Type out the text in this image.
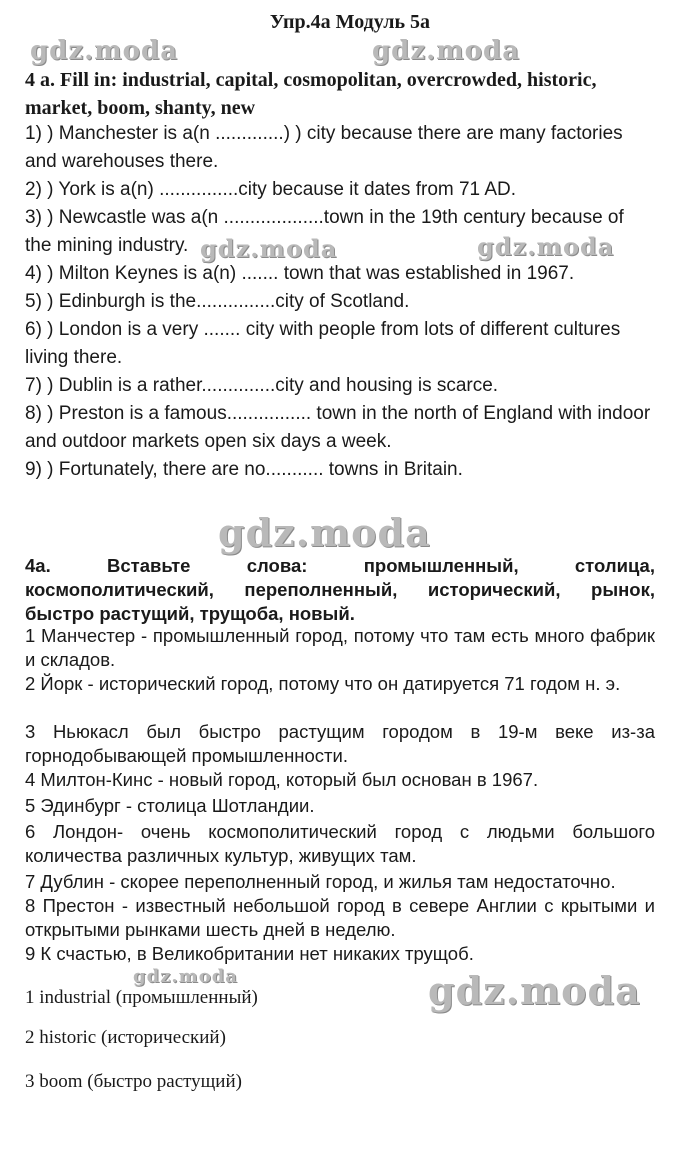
Упр.4а Модуль 5а
gdz.moda	gdz.moda
4 a. Fill in: industrial, capital, cosmopolitan, overcrowded, historic, market, boom, shanty, new
1) ) Manchester is a(n .............) ) city because there are many factories and warehouses there.
2) ) York is a(n) ...............city because it dates from 71 AD.
3) ) Newcastle was a(n ...................town in the 19th century because of the mining industry. gdz.moda	gdz.moda
4) ) Milton Keynes is a(n) ....... town that was established in 1967.
5) ) Edinburgh is the...............city of Scotland.
6) ) London is a very ....... city with people from lots of different cultures living there.
7) ) Dublin is a rather..............city and housing is scarce.
8) ) Preston is a famous................ town in the north of England with indoor and outdoor markets open six days a week.
9) ) Fortunately, there are no........... towns in Britain.
gdz.moda
4а. Вставьте слова: промышленный, столица,
космополитический, переполненный, исторический, рынок,
быстро растущий, трущоба, новый.
1 Манчестер - промышленный город, потому что там есть много фабрик и складов.
2 Йорк - исторический город, потому что он датируется 71 годом н. э.
3 Ньюкасл был быстро растущим городом в 19-м веке из-за горнодобывающей промышленности.
4 Милтон-Кинс - новый город, который был основан в 1967.
5 Эдинбург - столица Шотландии.
6 Лондон- очень космополитический город с людьми большого количества различных культур, живущих там.
7 Дублин - скорее переполненный город, и жилья там недостаточно.
8 Престон - известный небольшой город в севере Англии с крытыми и открытыми рынками шесть дней в неделю.
9 К счастью, в Великобритании нет никаких трущоб.
gdz.moda	gdz.moda
1 industrial (промышленный)
2 historic (исторический)
3 boom (быстро растущий)
